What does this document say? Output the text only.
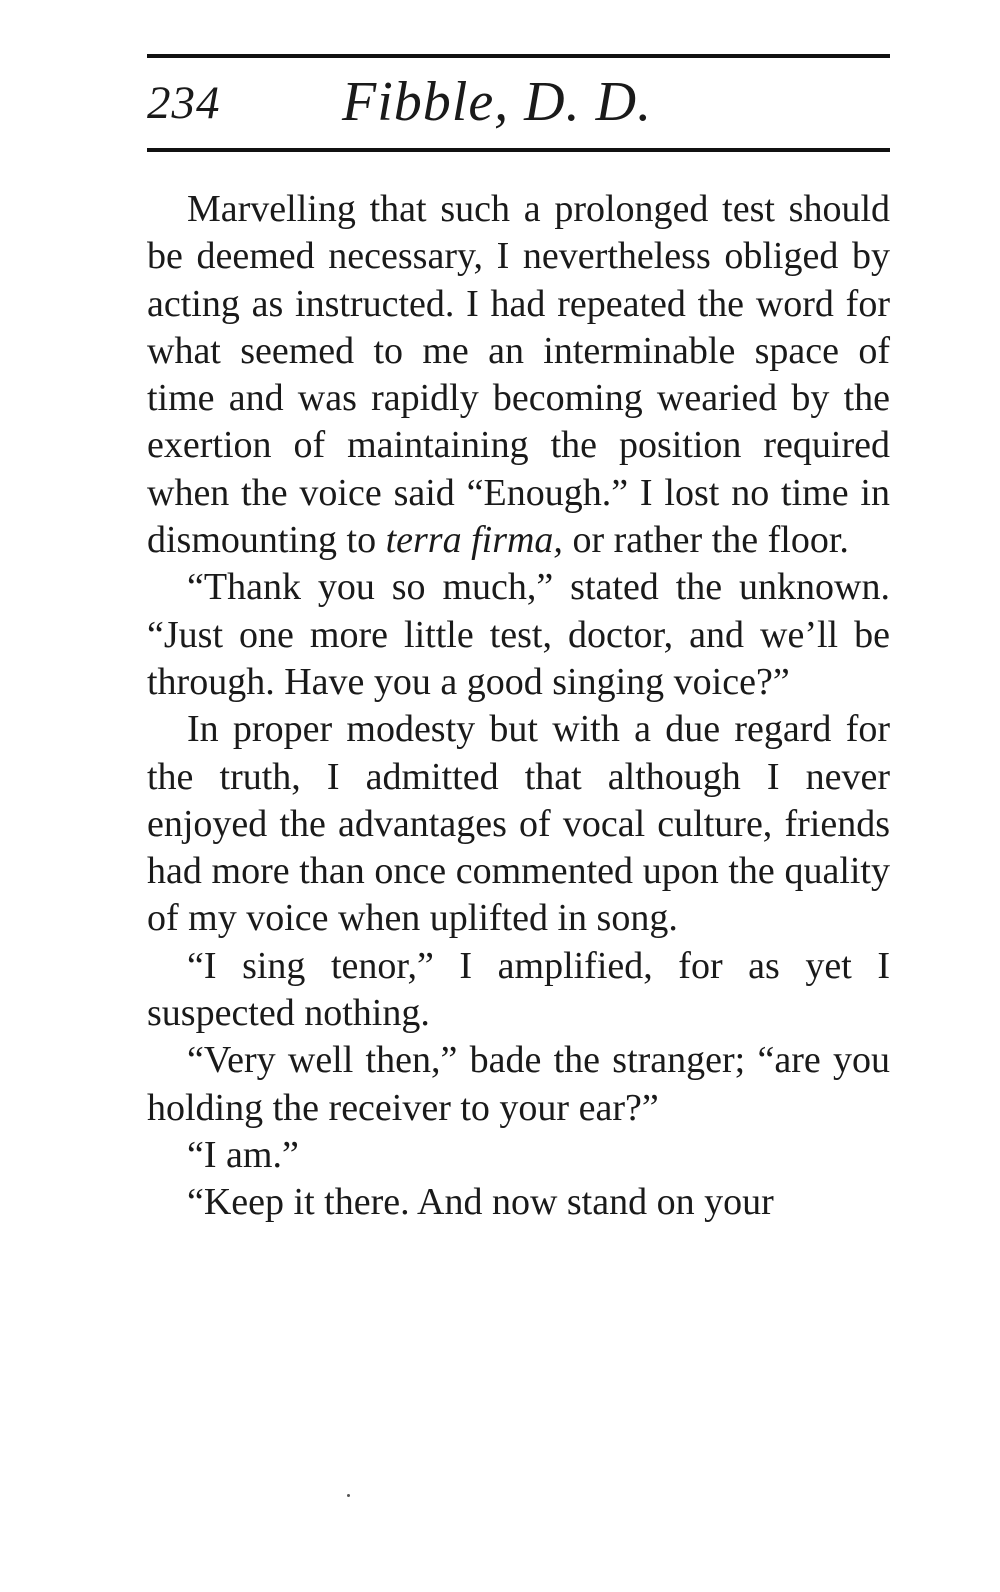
234 Fibble, D. D.

Marvelling that such a prolonged test should be deemed necessary, I nevertheless obliged by acting as instructed. I had repeated the word for what seemed to me an interminable space of time and was rapidly becoming wearied by the exertion of maintaining the position required when the voice said “Enough.” I lost no time in dismounting to terra firma, or rather the floor.

“Thank you so much,” stated the unknown. “Just one more little test, doctor, and we’ll be through. Have you a good singing voice?”

In proper modesty but with a due regard for the truth, I admitted that although I never enjoyed the advantages of vocal culture, friends had more than once commented upon the quality of my voice when uplifted in song.

“I sing tenor,” I amplified, for as yet I suspected nothing.

“Very well then,” bade the stranger; “are you holding the receiver to your ear?”

“I am.”

“Keep it there. And now stand on your
